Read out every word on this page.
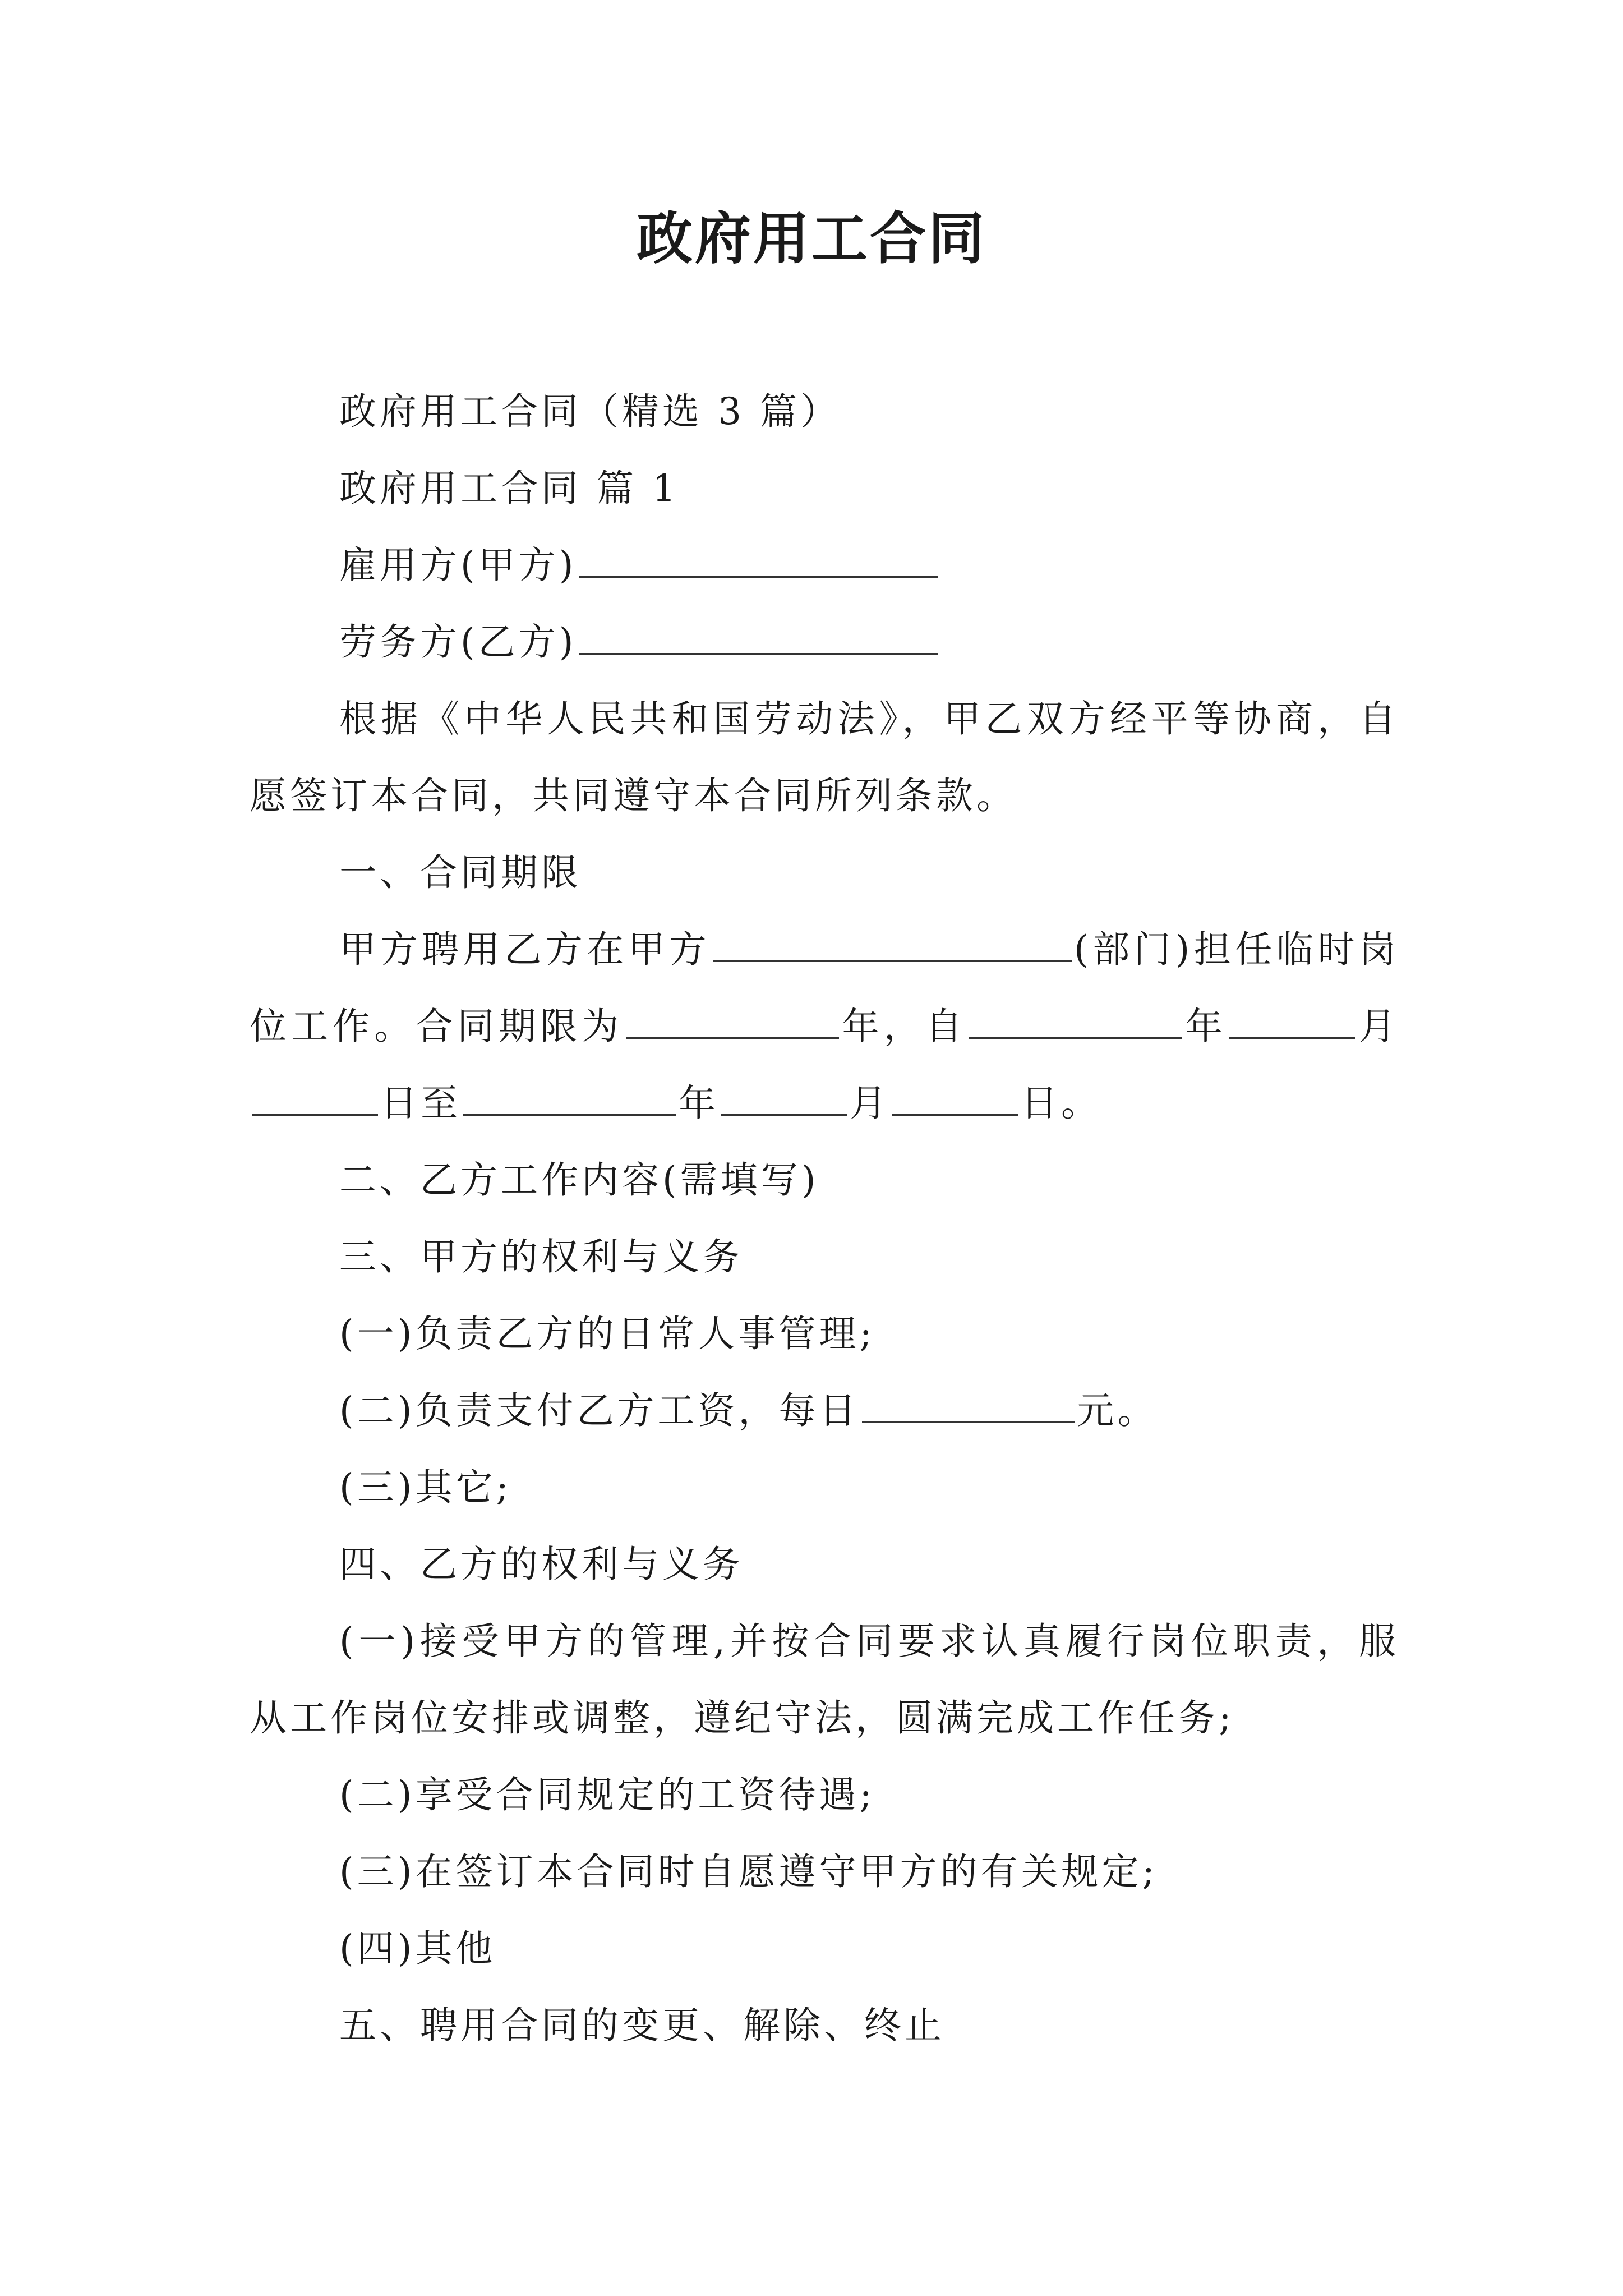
政府用工合同

政府用工合同（精选 3 篇）

政府用工合同 篇 1

雇用方(甲方)

劳务方(乙方)

根据《中华人民共和国劳动法》，甲乙双方经平等协商，自愿签订本合同，共同遵守本合同所列条款。

一、合同期限

甲方聘用乙方在甲方	(部门)担任临时岗位工作。合同期限为	年，自	年	月日至	年	月	日。

二、乙方工作内容(需填写)

三、甲方的权利与义务

(一)负责乙方的日常人事管理;

(二)负责支付乙方工资，每日	元。

(三)其它;

四、乙方的权利与义务

(一)接受甲方的管理,并按合同要求认真履行岗位职责，服从工作岗位安排或调整，遵纪守法，圆满完成工作任务;

(二)享受合同规定的工资待遇;

(三)在签订本合同时自愿遵守甲方的有关规定;

(四)其他

五、聘用合同的变更、解除、终止
